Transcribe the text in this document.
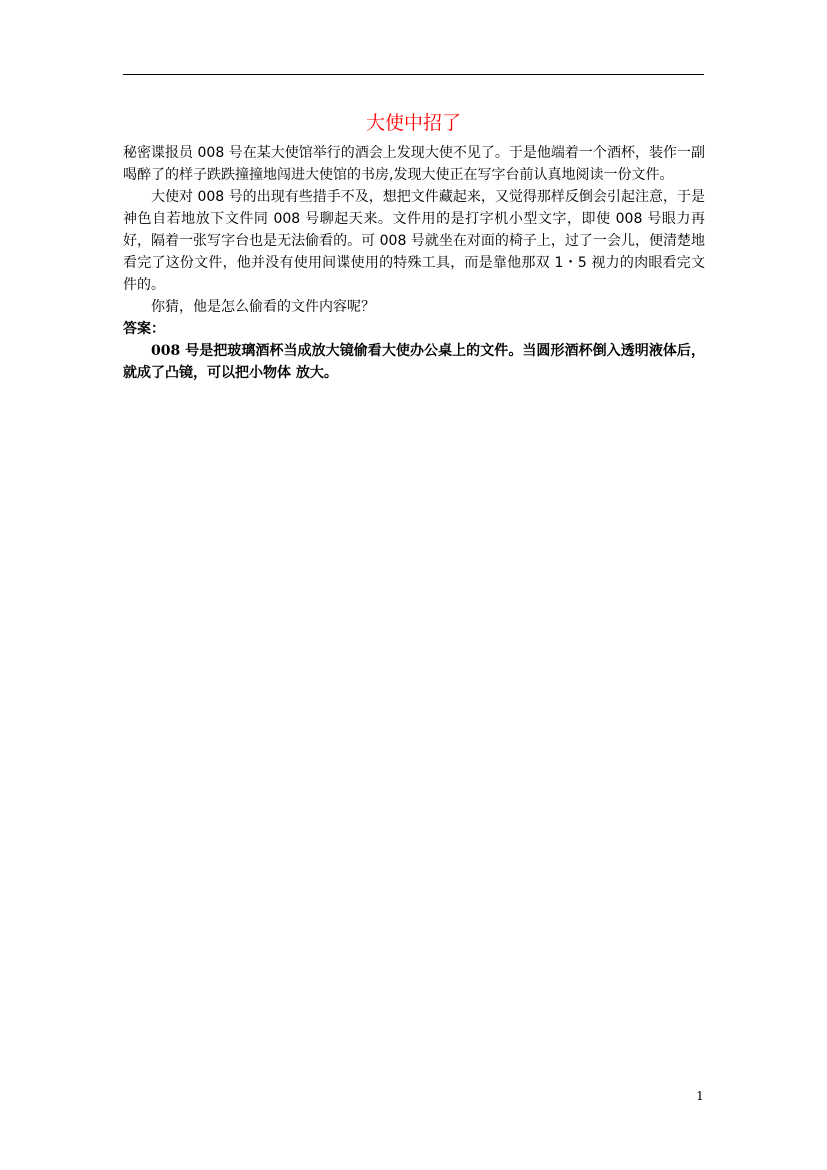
大使中招了

秘密谍报员 008 号在某大使馆举行的酒会上发现大使不见了。于是他端着一个酒杯，装作一副喝醉了的样子跌跌撞撞地闯进大使馆的书房,发现大使正在写字台前认真地阅读一份文件。

大使对 008 号的出现有些措手不及，想把文件藏起来，又觉得那样反倒会引起注意，于是神色自若地放下文件同 008 号聊起天来。文件用的是打字机小型文字，即使 008 号眼力再好，隔着一张写字台也是无法偷看的。可 008 号就坐在对面的椅子上，过了一会儿，便清楚地看完了这份文件，他并没有使用间谍使用的特殊工具，而是靠他那双 1・5 视力的肉眼看完文件的。

你猜，他是怎么偷看的文件内容呢？

答案：

008 号是把玻璃酒杯当成放大镜偷看大使办公桌上的文件。当圆形酒杯倒入透明液体后，就成了凸镜，可以把小物体 放大。

1
